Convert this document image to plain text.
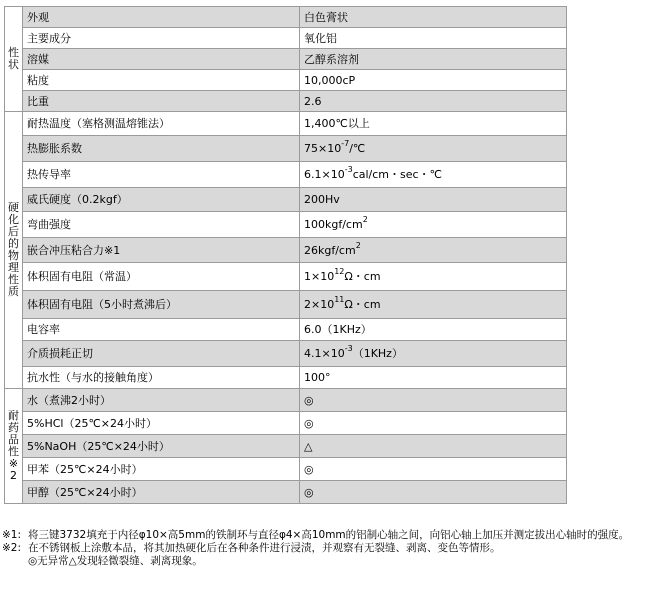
性状	外观	白色膏状
	主要成分	氧化铝
	溶媒	乙醇系溶剂
	粘度	10,000cP
	比重	2.6
硬化后的物理性质	耐热温度（塞格测温熔锥法）	1,400℃以上
	热膨胀系数	$75\times 10^{-7}/℃$
	热传导率	$6.1\times 10^{-3}cal/cm$・sec・℃
	威氏硬度（0.2kgf）	200Hv
	弯曲强度	$100kgf/cm^2$
	嵌合冲压粘合力※1	$26kgf/cm^2$
	体积固有电阻（常温）	$1\times 10^{12}\Omega$・cm
	体积固有电阻（5小时煮沸后）	$2\times 10^{11}\Omega$・cm
	电容率	6.0（1KHz）
	介质损耗正切	$4.1\times 10^{-3}(1KHz)$
	抗水性（与水的接触角度）	100°
耐药品性※2	水（煮沸2小时）	◎
	5%HCl（25℃×24小时）	◎
	5%NaOH（25℃×24小时）	△
	甲苯（25℃×24小时）	◎
	甲醇（25℃×24小时）	◎
※1: 将三键3732填充于内径φ10×高5mm的铁制环与直径φ4×高10mm的铝制心轴之间，向铝心轴上加压并测定拔出心轴时的强度。
※2: 在不锈钢板上涂敷本品，将其加热硬化后在各种条件进行浸渍，并观察有无裂缝、剥离、变色等情形。
◎无异常△发现轻微裂缝、剥离现象。
